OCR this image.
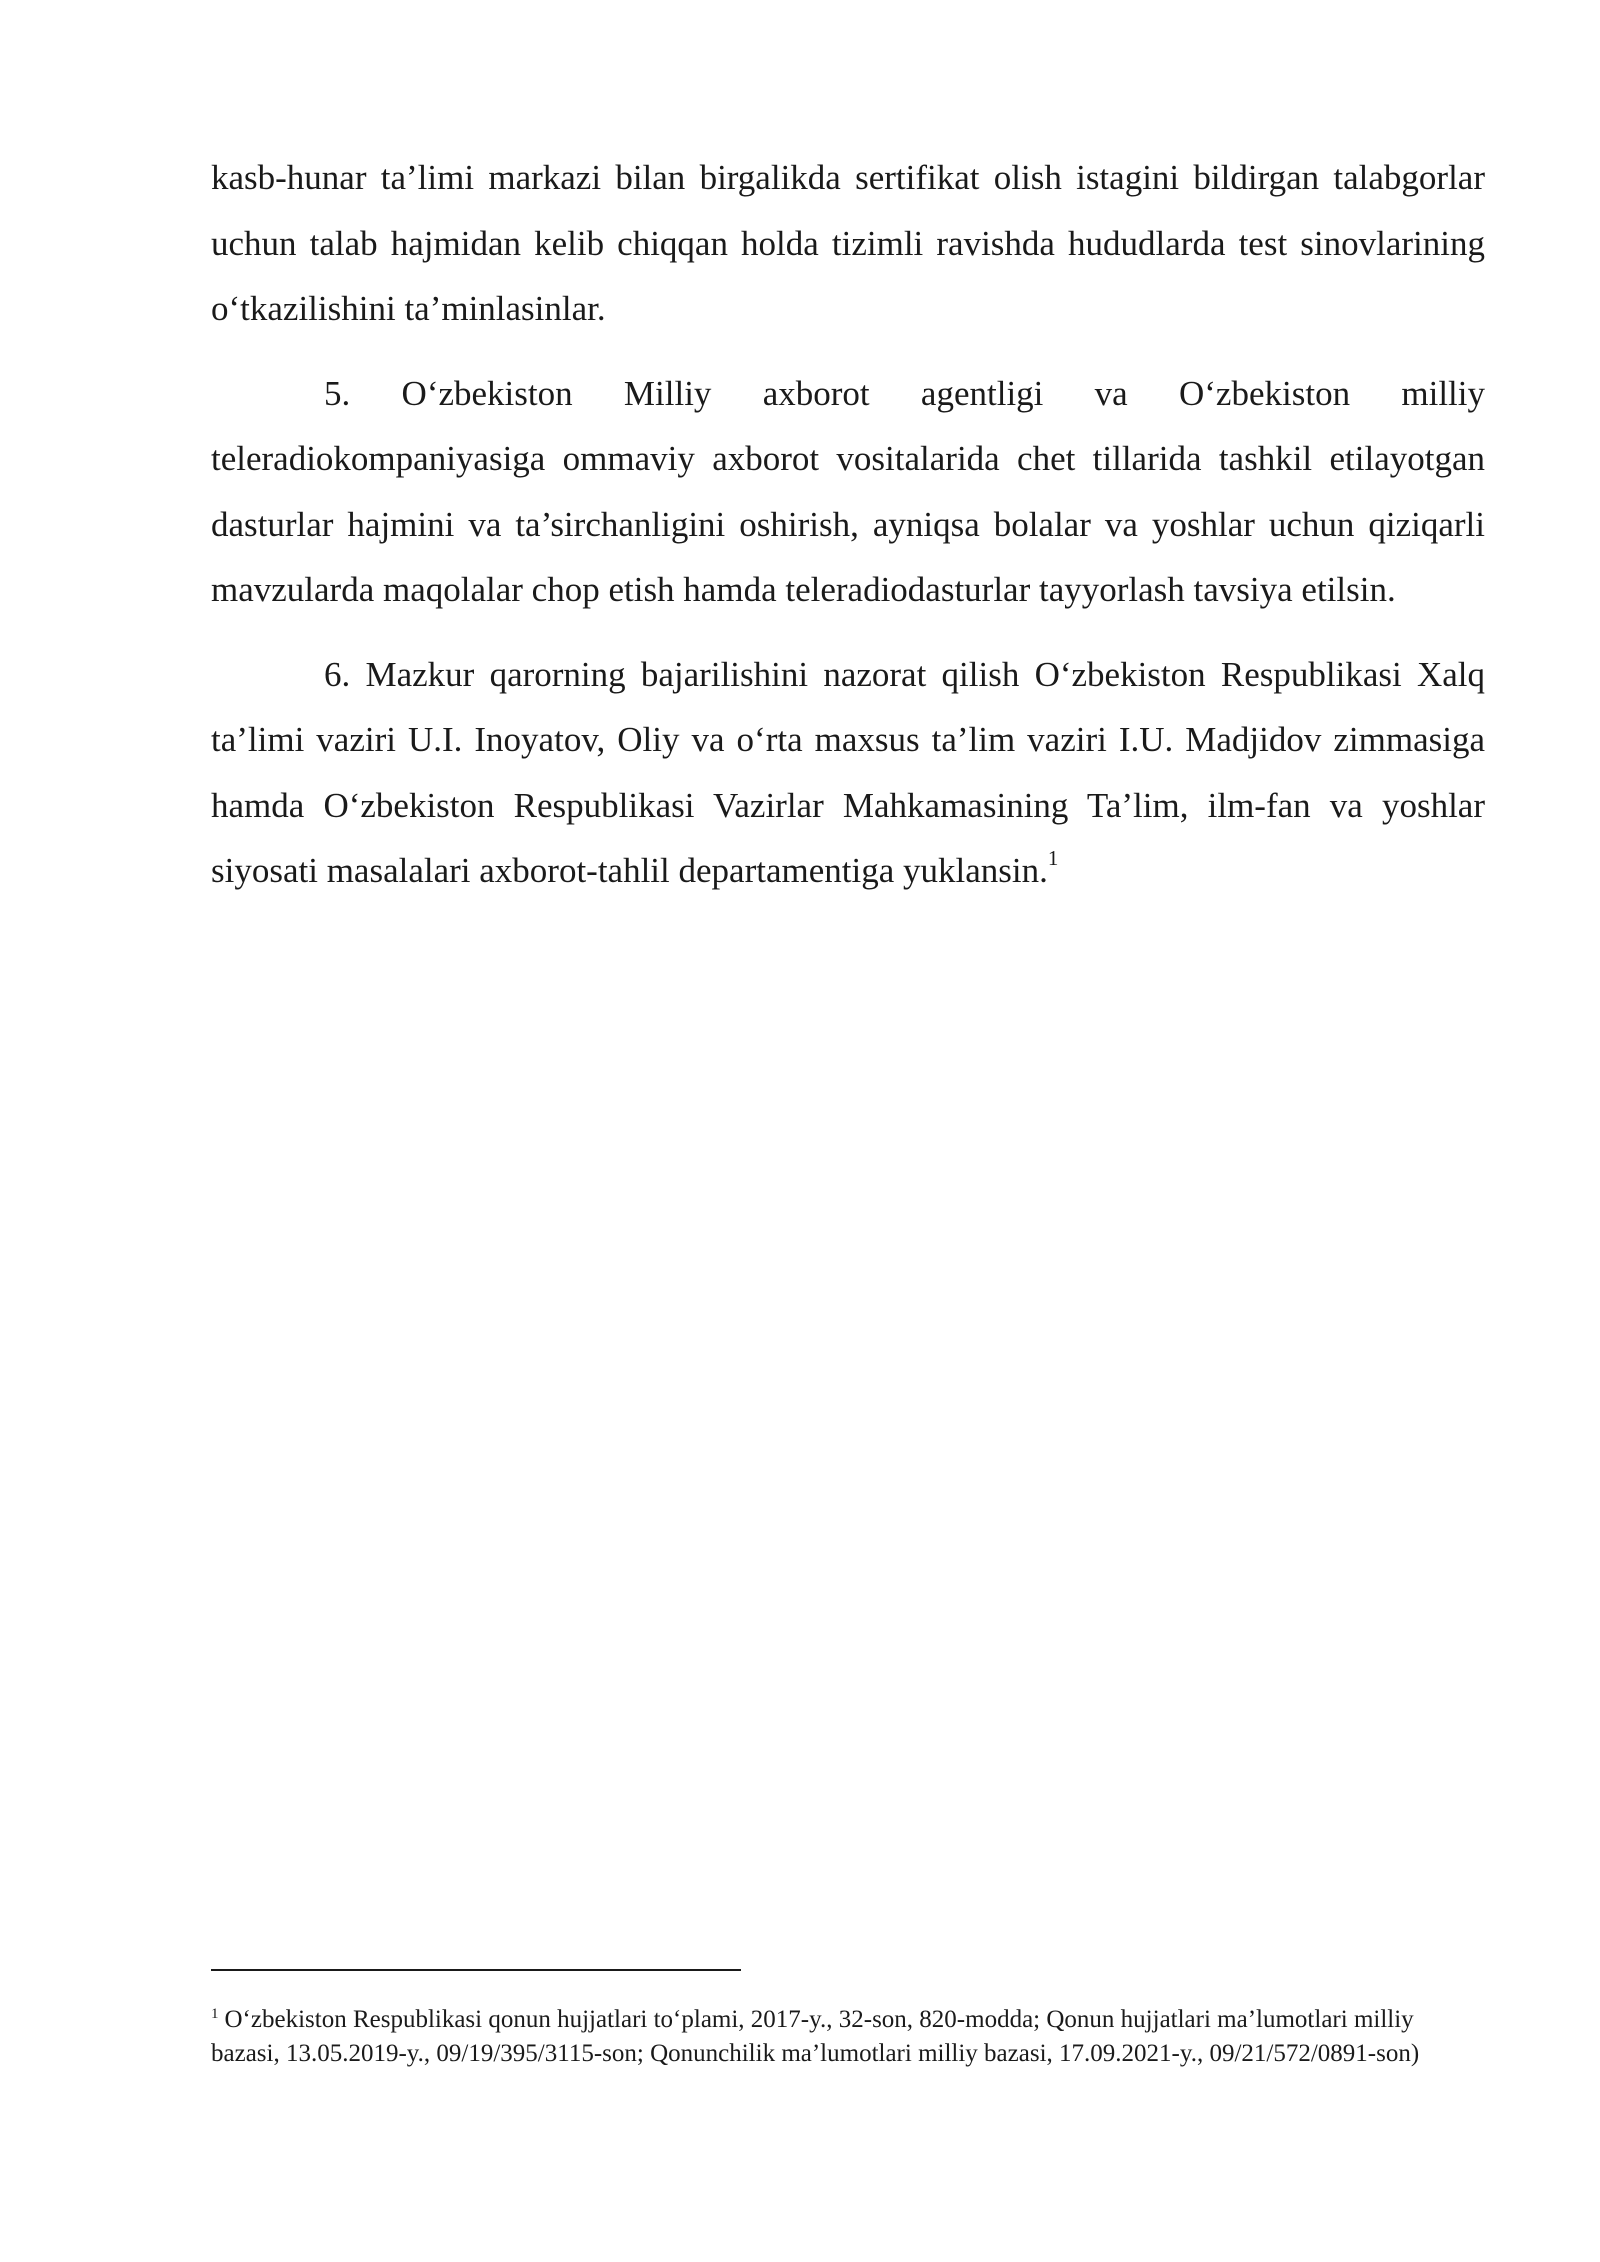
kasb-hunar ta’limi markazi bilan birgalikda sertifikat olish istagini bildirgan talabgorlar uchun talab hajmidan kelib chiqqan holda tizimli ravishda hududlarda test sinovlarining o‘tkazilishini ta’minlasinlar.

5. O‘zbekiston Milliy axborot agentligi va O‘zbekiston milliy teleradiokompaniyasiga ommaviy axborot vositalarida chet tillarida tashkil etilayotgan dasturlar hajmini va ta’sirchanligini oshirish, ayniqsa bolalar va yoshlar uchun qiziqarli mavzularda maqolalar chop etish hamda teleradiodasturlar tayyorlash tavsiya etilsin.

6. Mazkur qarorning bajarilishini nazorat qilish O‘zbekiston Respublikasi Xalq ta’limi vaziri U.I. Inoyatov, Oliy va o‘rta maxsus ta’lim vaziri I.U. Madjidov zimmasiga hamda O‘zbekiston Respublikasi Vazirlar Mahkamasining Ta’lim, ilm-fan va yoshlar siyosati masalalari axborot-tahlil departamentiga yuklansin.$^1$

$^1$ O‘zbekiston Respublikasi qonun hujjatlari to‘plami, 2017-y., 32-son, 820-modda; Qonun hujjatlari ma’lumotlari milliy bazasi, 13.05.2019-y., 09/19/395/3115-son; Qonunchilik ma’lumotlari milliy bazasi, 17.09.2021-y., 09/21/572/0891-son)
